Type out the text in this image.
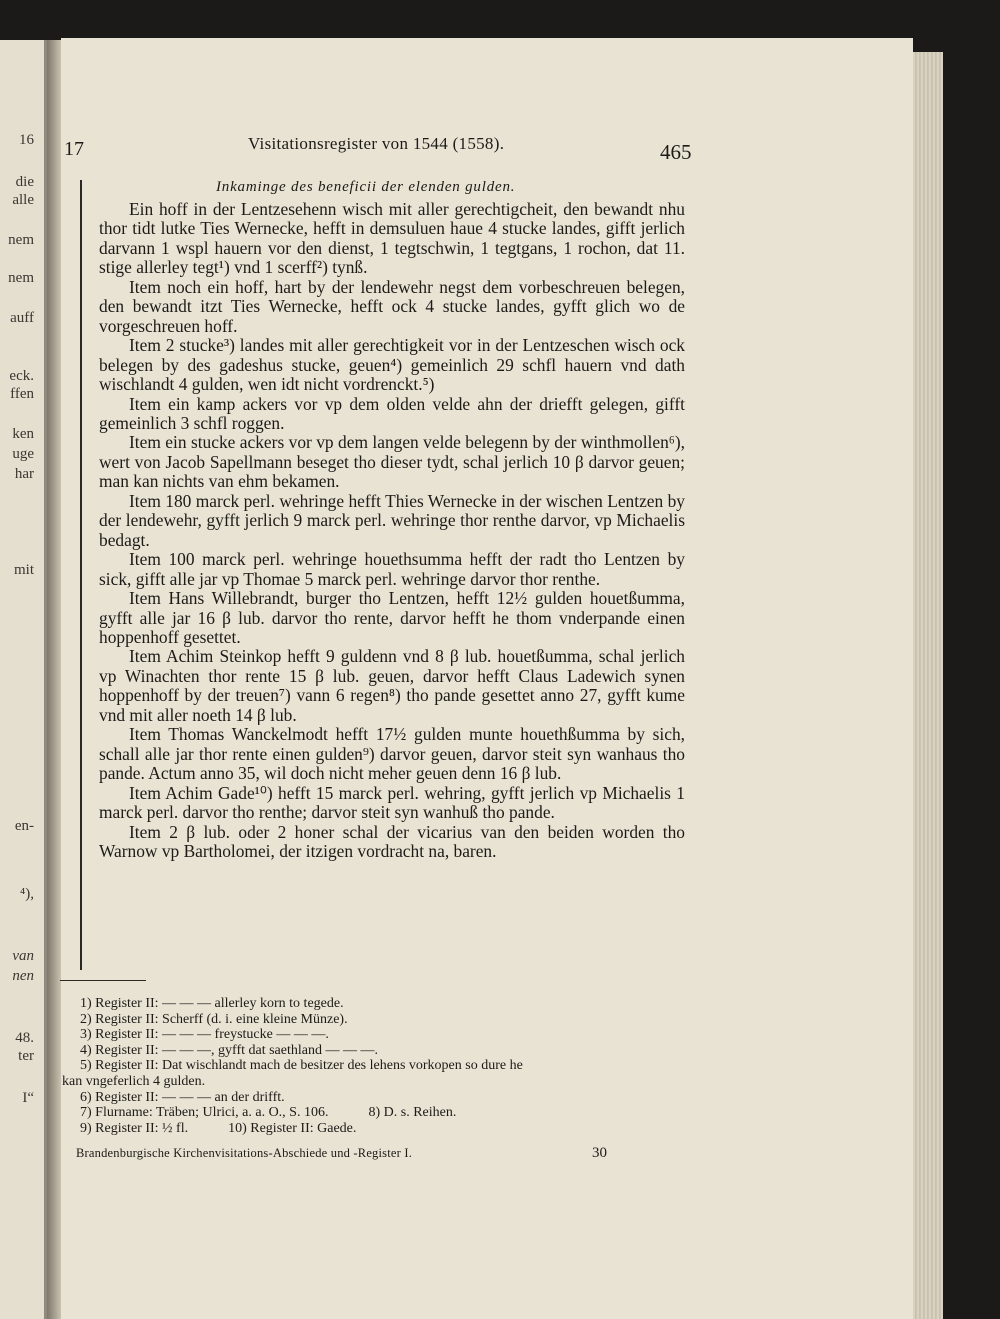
16
die
alle
nem
nem
auff
eck.
ffen
ken
uge
har
mit
en-
⁴),
van
nen
48.
ter
I“
17	Visitationsregister von 1544 (1558).	465
Inkaminge des beneficii der elenden gulden.

Ein hoff in der Lentzesehenn wisch mit aller gerechtigcheit, den bewandt nhu thor tidt lutke Ties Wernecke, hefft in demsuluen haue 4 stucke landes, gifft jerlich darvann 1 wspl hauern vor den dienst, 1 tegtschwin, 1 tegtgans, 1 rochon, dat 11. stige allerley tegt¹) vnd 1 scerff²) tynß.

Item noch ein hoff, hart by der lendewehr negst dem vorbeschreuen belegen, den bewandt itzt Ties Wernecke, hefft ock 4 stucke landes, gyfft glich wo de vorgeschreuen hoff.

Item 2 stucke³) landes mit aller gerechtigkeit vor in der Lentzeschen wisch ock belegen by des gadeshus stucke, geuen⁴) gemeinlich 29 schfl hauern vnd dath wischlandt 4 gulden, wen idt nicht vordrenckt.⁵)

Item ein kamp ackers vor vp dem olden velde ahn der driefft gelegen, gifft gemeinlich 3 schfl roggen.

Item ein stucke ackers vor vp dem langen velde belegenn by der winthmollen⁶), wert von Jacob Sapellmann beseget tho dieser tydt, schal jerlich 10 β darvor geuen; man kan nichts van ehm bekamen.

Item 180 marck perl. wehringe hefft Thies Wernecke in der wischen Lentzen by der lendewehr, gyfft jerlich 9 marck perl. wehringe thor renthe darvor, vp Michaelis bedagt.

Item 100 marck perl. wehringe houethsumma hefft der radt tho Lentzen by sick, gifft alle jar vp Thomae 5 marck perl. wehringe darvor thor renthe.

Item Hans Willebrandt, burger tho Lentzen, hefft 12½ gulden houetßumma, gyfft alle jar 16 β lub. darvor tho rente, darvor hefft he thom vnderpande einen hoppenhoff gesettet.

Item Achim Steinkop hefft 9 guldenn vnd 8 β lub. houetßumma, schal jerlich vp Winachten thor rente 15 β lub. geuen, darvor hefft Claus Ladewich synen hoppenhoff by der treuen⁷) vann 6 regen⁸) tho pande gesettet anno 27, gyfft kume vnd mit aller noeth 14 β lub.

Item Thomas Wanckelmodt hefft 17½ gulden munte houethßumma by sich, schall alle jar thor rente einen gulden⁹) darvor geuen, darvor steit syn wanhaus tho pande. Actum anno 35, wil doch nicht meher geuen denn 16 β lub.

Item Achim Gade¹⁰) hefft 15 marck perl. wehring, gyfft jerlich vp Michaelis 1 marck perl. darvor tho renthe; darvor steit syn wanhuß tho pande.

Item 2 β lub. oder 2 honer schal der vicarius van den beiden worden tho Warnow vp Bartholomei, der itzigen vordracht na, baren.

1) Register II: — — — allerley korn to tegede.

2) Register II: Scherff (d. i. eine kleine Münze).

3) Register II: — — — freystucke — — —.

4) Register II: — — —, gyfft dat saethland — — —.

5) Register II: Dat wischlandt mach de besitzer des lehens vorkopen so dure he

kan vngeferlich 4 gulden.

6) Register II: — — — an der drifft.

7) Flurname: Träben; Ulrici, a. a. O., S. 106.	8) D. s. Reihen.

9) Register II: ½ fl.	10) Register II: Gaede.

Brandenburgische Kirchenvisitations-Abschiede und -Register I.	30
